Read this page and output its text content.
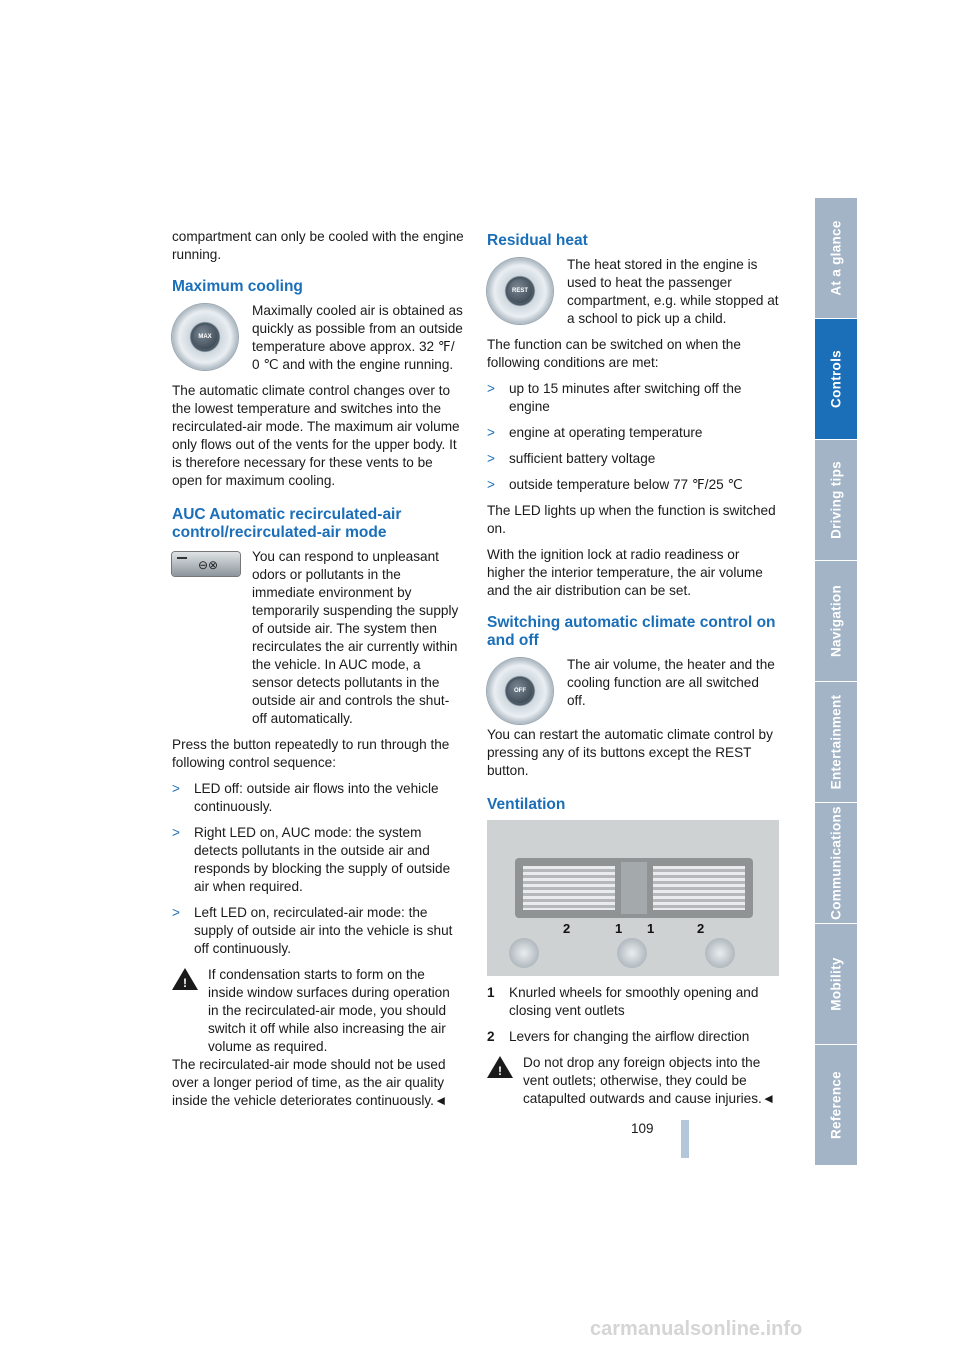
compartment can only be cooled with the engine running.

Maximum cooling
MAX

Maximally cooled air is obtained as quickly as possible from an outside temperature above approx. 32 ℉/ 0 ℃ and with the engine running.

The automatic climate control changes over to the lowest temperature and switches into the recirculated-air mode. The maximum air volume only flows out of the vents for the upper body. It is therefore necessary for these vents to be open for maximum cooling.

AUC Automatic recirculated-air control/recirculated-air mode
⊖⊗

You can respond to unpleasant odors or pollutants in the immediate environment by temporarily suspending the supply of outside air. The system then recirculates the air currently within the vehicle. In AUC mode, a sensor detects pollutants in the outside air and controls the shut-off automatically.

Press the button repeatedly to run through the following control sequence:

> LED off: outside air flows into the vehicle continuously.
> Right LED on, AUC mode: the system detects pollutants in the outside air and responds by blocking the supply of outside air when required.
> Left LED on, recirculated-air mode: the supply of outside air into the vehicle is shut off continuously.
!

If condensation starts to form on the inside window surfaces during operation in the recirculated-air mode, you should switch it off while also increasing the air volume as required.

The recirculated-air mode should not be used over a longer period of time, as the air quality inside the vehicle deteriorates continuously.◄

Residual heat
REST

The heat stored in the engine is used to heat the passenger compartment, e.g. while stopped at a school to pick up a child.

The function can be switched on when the following conditions are met:

> up to 15 minutes after switching off the engine
> engine at operating temperature
> sufficient battery voltage
> outside temperature below 77 ℉/25 ℃

The LED lights up when the function is switched on.

With the ignition lock at radio readiness or higher the interior temperature, the air volume and the air distribution can be set.

Switching automatic climate control on and off
OFF

The air volume, the heater and the cooling function are all switched off.

You can restart the automatic climate control by pressing any of its buttons except the REST button.

Ventilation
2	1 1	2
1 Knurled wheels for smoothly opening and closing vent outlets
2 Levers for changing the airflow direction
!

Do not drop any foreign objects into the vent outlets; otherwise, they could be catapulted outwards and cause injuries.◄

At a glance
Controls
Driving tips
Navigation
Entertainment
Communications
Mobility
Reference
109
carmanualsonline.info
